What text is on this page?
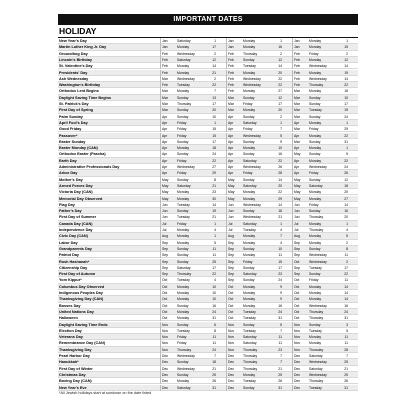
IMPORTANT DATES
HOLIDAY
New Year's Day	Jan	Saturday	1	Jan	Monday	1	Jan	Monday	1
Martin Luther King Jr. Day	Jan	Monday	17	Jan	Monday	16	Jan	Monday	15
Groundhog Day	Feb	Wednesday	2	Feb	Thursday	2	Feb	Friday	2
Lincoln's Birthday	Feb	Saturday	12	Feb	Sunday	12	Feb	Monday	12
St. Valentine's Day	Feb	Monday	14	Feb	Tuesday	14	Feb	Wednesday	14
Presidents' Day	Feb	Monday	21	Feb	Monday	20	Feb	Monday	19
Ash Wednesday	Mar	Wednesday	2	Feb	Wednesday	22	Feb	Wednesday	14
Washington's Birthday	Feb	Tuesday	22	Feb	Wednesday	22	Feb	Thursday	22
Orthodox Lent Begins	Mar	Monday	7	Feb	Monday	27	Mar	Monday	18
Daylight Saving Time Begins	Mar	Sunday	13	Mar	Sunday	12	Mar	Sunday	10
St. Patrick's Day	Mar	Thursday	17	Mar	Friday	17	Mar	Sunday	17
First Day of Spring	Mar	Sunday	20	Mar	Monday	20	Mar	Tuesday	19
Palm Sunday	Apr	Sunday	10	Apr	Sunday	2	Mar	Sunday	24
April Fool's Day	Apr	Friday	1	Apr	Saturday	1	Apr	Monday	1
Good Friday	Apr	Friday	15	Apr	Friday	7	Mar	Friday	29
Passover*	Apr	Friday	15	Apr	Wednesday	5	Apr	Monday	22
Easter Sunday	Apr	Sunday	17	Apr	Sunday	9	Mar	Sunday	31
Easter Monday (CAN)	Apr	Monday	18	Apr	Monday	10	Apr	Monday	1
Orthodox Easter (Pascha)	Apr	Sunday	24	Apr	Sunday	16	May	Sunday	5
Earth Day	Apr	Friday	22	Apr	Saturday	22	Apr	Monday	22
Administrative Professionals Day	Apr	Wednesday	27	Apr	Wednesday	26	Apr	Wednesday	24
Arbor Day	Apr	Friday	29	Apr	Friday	28	Apr	Friday	26
Mother's Day	May	Sunday	8	May	Sunday	14	May	Sunday	12
Armed Forces Day	May	Saturday	21	May	Saturday	20	May	Saturday	18
Victoria Day (CAN)	May	Monday	23	May	Monday	22	May	Monday	20
Memorial Day Observed	May	Monday	30	May	Monday	29	May	Monday	27
Flag Day	Jun	Tuesday	14	Jun	Wednesday	14	Jun	Friday	14
Father's Day	Jun	Sunday	19	Jun	Sunday	18	Jun	Sunday	16
First Day of Summer	Jun	Tuesday	21	Jun	Wednesday	21	Jun	Thursday	20
Canada Day (CAN)	Jul	Friday	1	Jul	Saturday	1	Jul	Monday	1
Independence Day	Jul	Monday	4	Jul	Tuesday	4	Jul	Thursday	4
Civic Day (CAN)	Aug	Monday	1	Aug	Monday	7	Aug	Monday	5
Labor Day	Sep	Monday	5	Sep	Monday	4	Sep	Monday	2
Grandparents Day	Sep	Sunday	11	Sep	Sunday	10	Sep	Sunday	8
Patriot Day	Sep	Sunday	11	Sep	Monday	11	Sep	Wednesday	11
Rosh Hashanah*	Sep	Sunday	25	Sep	Friday	15	Oct	Wednesday	2
Citizenship Day	Sep	Saturday	17	Sep	Sunday	17	Sep	Tuesday	17
First Day of Autumn	Sep	Thursday	22	Sep	Saturday	23	Sep	Sunday	22
Yom Kippur*	Oct	Tuesday	4	Sep	Sunday	24	Oct	Friday	11
Columbus Day Observed	Oct	Monday	10	Oct	Monday	9	Oct	Monday	14
Indigenous Peoples Day	Oct	Monday	10	Oct	Monday	9	Oct	Monday	14
Thanksgiving Day (CAN)	Oct	Monday	10	Oct	Monday	9	Oct	Monday	14
Bosses Day	Oct	Sunday	16	Oct	Monday	16	Oct	Wednesday	16
United Nations Day	Oct	Monday	24	Oct	Tuesday	24	Oct	Thursday	24
Halloween	Oct	Monday	31	Oct	Tuesday	31	Oct	Thursday	31
Daylight Saving Time Ends	Nov	Sunday	6	Nov	Sunday	5	Nov	Sunday	3
Election Day	Nov	Tuesday	8	Nov	Tuesday	7	Nov	Tuesday	5
Veterans Day	Nov	Friday	11	Nov	Saturday	11	Nov	Monday	11
Remembrance Day (CAN)	Nov	Friday	11	Nov	Saturday	11	Nov	Monday	11
Thanksgiving Day	Nov	Thursday	24	Nov	Thursday	23	Nov	Thursday	28
Pearl Harbor Day	Dec	Wednesday	7	Dec	Thursday	7	Dec	Saturday	7
Hanukkah*	Dec	Sunday	18	Dec	Thursday	7	Dec	Wednesday	25
First Day of Winter	Dec	Wednesday	21	Dec	Thursday	21	Dec	Saturday	21
Christmas Day	Dec	Sunday	25	Dec	Monday	25	Dec	Wednesday	25
Boxing Day (CAN)	Dec	Monday	26	Dec	Tuesday	26	Dec	Thursday	26
New Year's Eve	Dec	Saturday	31	Dec	Sunday	31	Dec	Tuesday	31
*All Jewish holidays start at sundown on the date listed
